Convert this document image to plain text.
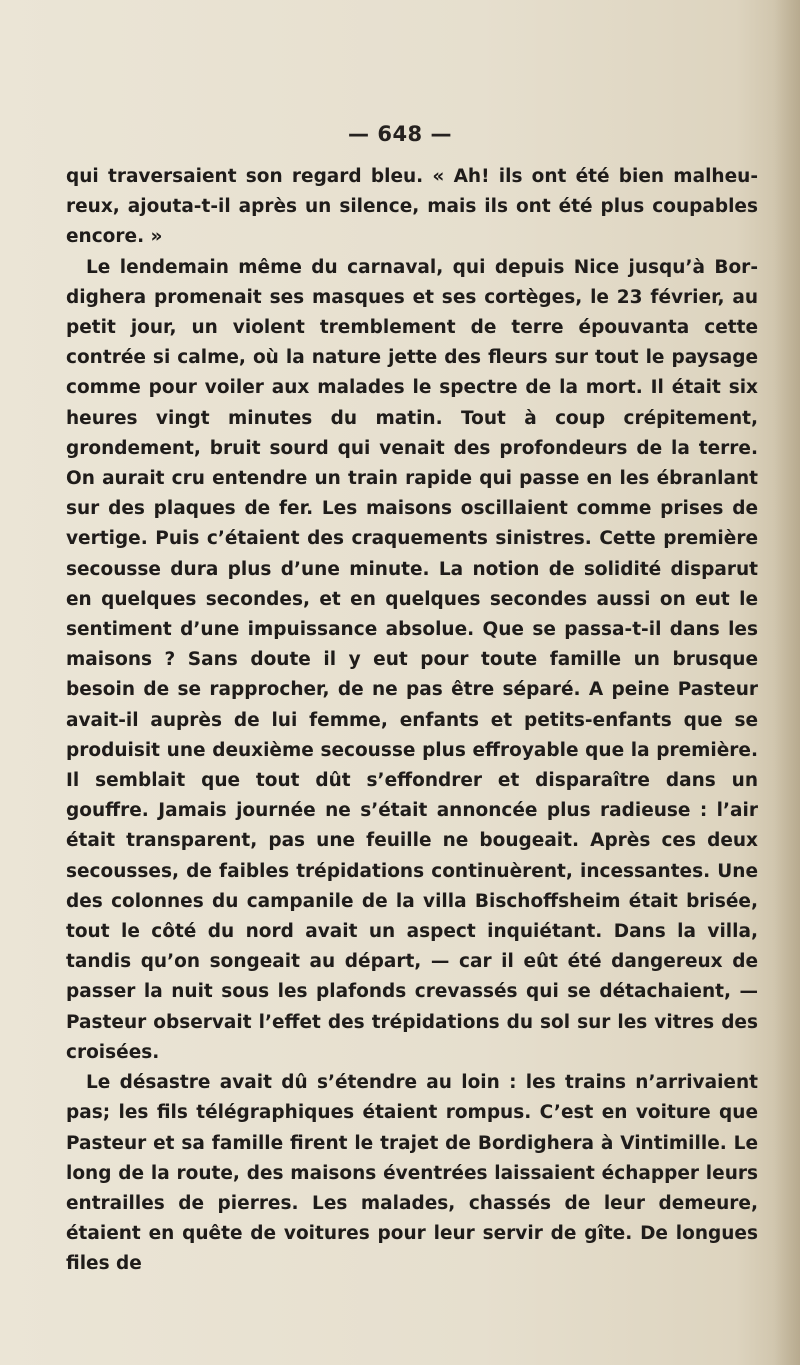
— 648 —

qui traversaient son regard bleu. « Ah! ils ont été bien malheureux, ajouta-t-il après un silence, mais ils ont été plus coupables encore. »

Le lendemain même du carnaval, qui depuis Nice jusqu’à Bordighera promenait ses masques et ses cortèges, le 23 février, au petit jour, un violent tremblement de terre épouvanta cette contrée si calme, où la nature jette des fleurs sur tout le paysage comme pour voiler aux malades le spectre de la mort. Il était six heures vingt minutes du matin. Tout à coup crépitement, grondement, bruit sourd qui venait des profondeurs de la terre. On aurait cru entendre un train rapide qui passe en les ébranlant sur des plaques de fer. Les maisons oscillaient comme prises de vertige. Puis c’étaient des craquements sinistres. Cette première secousse dura plus d’une minute. La notion de solidité disparut en quelques secondes, et en quelques secondes aussi on eut le sentiment d’une impuissance absolue. Que se passa-t-il dans les maisons ? Sans doute il y eut pour toute famille un brusque besoin de se rapprocher, de ne pas être séparé. A peine Pasteur avait-il auprès de lui femme, enfants et petits-enfants que se produisit une deuxième secousse plus effroyable que la première. Il semblait que tout dût s’effondrer et disparaître dans un gouffre. Jamais journée ne s’était annoncée plus radieuse : l’air était transparent, pas une feuille ne bougeait. Après ces deux secousses, de faibles trépidations continuèrent, incessantes. Une des colonnes du campanile de la villa Bischoffsheim était brisée, tout le côté du nord avait un aspect inquiétant. Dans la villa, tandis qu’on songeait au départ, — car il eût été dangereux de passer la nuit sous les plafonds crevassés qui se détachaient, — Pasteur observait l’effet des trépidations du sol sur les vitres des croisées.

Le désastre avait dû s’étendre au loin : les trains n’arrivaient pas; les fils télégraphiques étaient rompus. C’est en voiture que Pasteur et sa famille firent le trajet de Bordighera à Vintimille. Le long de la route, des maisons éventrées laissaient échapper leurs entrailles de pierres. Les malades, chassés de leur demeure, étaient en quête de voitures pour leur servir de gîte. De longues files de
